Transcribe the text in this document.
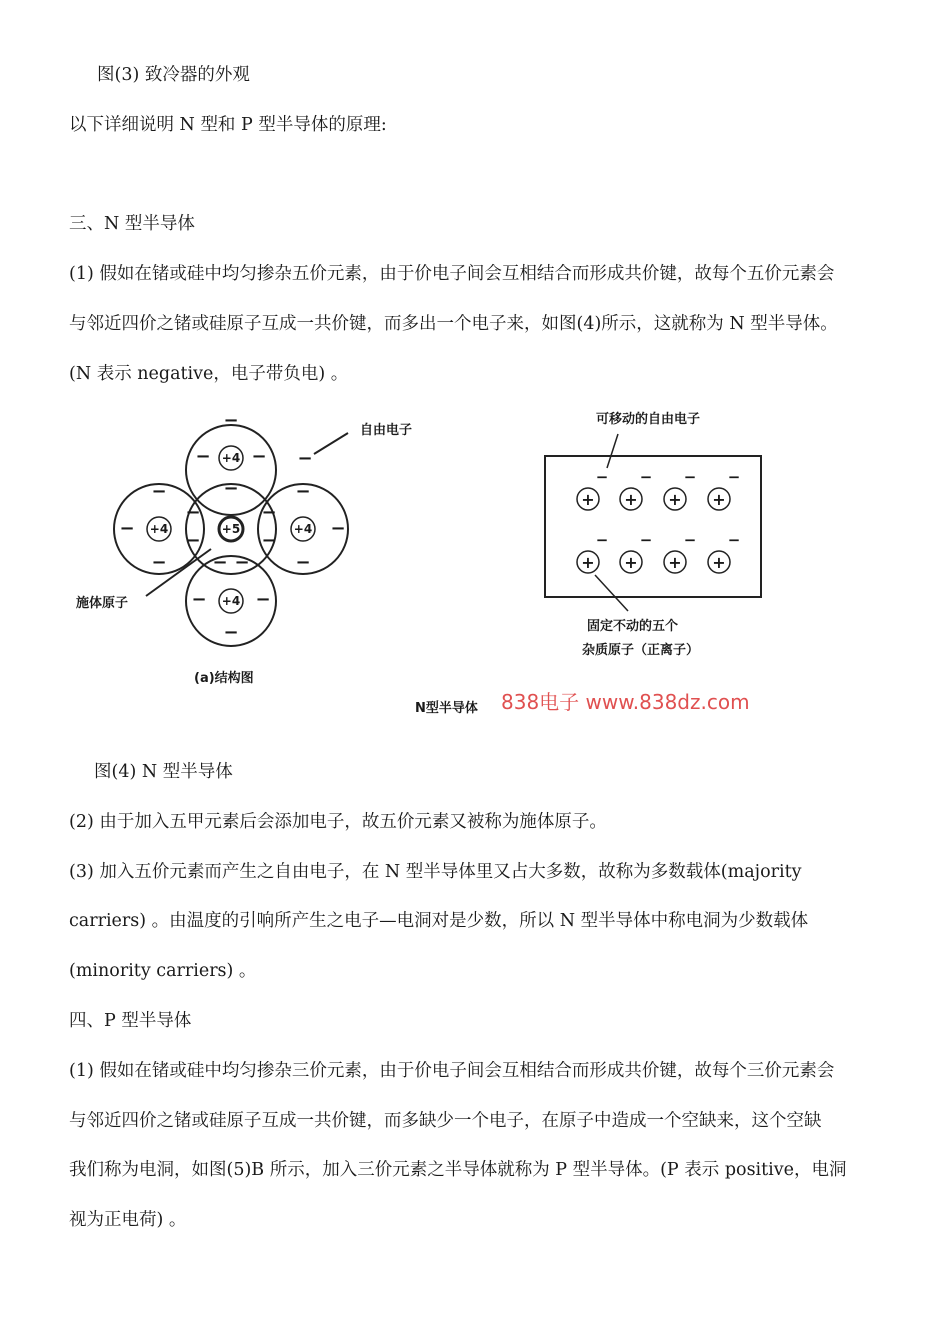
图(3) 致冷器的外观

以下详细说明 N 型和 P 型半导体的原理:

三、N 型半导体

(1) 假如在锗或硅中均匀掺杂五价元素，由于价电子间会互相结合而形成共价键，故每个五价元素会

与邻近四价之锗或硅原子互成一共价键，而多出一个电子来，如图(4)所示，这就称为 N 型半导体。

(N 表示 negative，电子带负电) 。

+4
+4	+4
+4
+5
−
− −
−
−
−
−
−
−
−
−
−
−
−
−
− −
−	−
−
自由电子
施体原子
(a)结构图
+ + + +
+ + + +
− − − −
− − − −
可移动的自由电子
固定不动的五个
杂质原子（正离子）
N型半导体 838电子 www.838dz.com

图(4) N 型半导体

(2) 由于加入五甲元素后会添加电子，故五价元素又被称为施体原子。

(3) 加入五价元素而产生之自由电子，在 N 型半导体里又占大多数，故称为多数载体(majority

carriers) 。由温度的引响所产生之电子—电洞对是少数，所以 N 型半导体中称电洞为少数载体

(minority carriers) 。

四、P 型半导体

(1) 假如在锗或硅中均匀掺杂三价元素，由于价电子间会互相结合而形成共价键，故每个三价元素会

与邻近四价之锗或硅原子互成一共价键，而多缺少一个电子，在原子中造成一个空缺来，这个空缺

我们称为电洞，如图(5)B 所示，加入三价元素之半导体就称为 P 型半导体。(P 表示 positive，电洞

视为正电荷) 。
